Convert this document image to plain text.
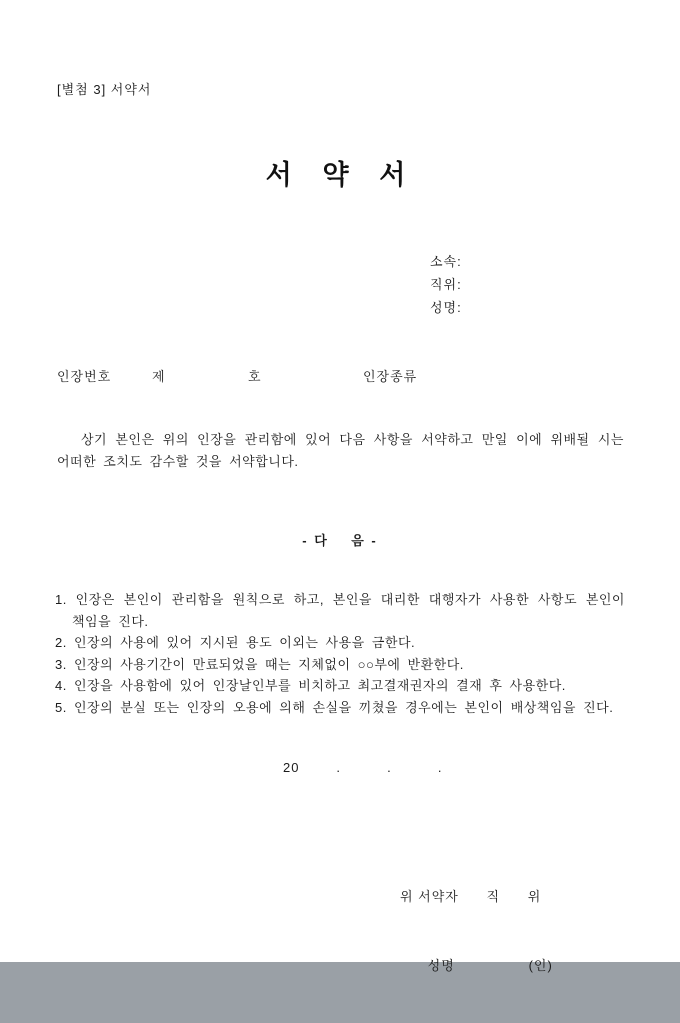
[별첨 3] 서약서
서 약 서
소속:
직위:
성명:
인장번호	제	호	인장종류
상기 본인은 위의 인장을 관리함에 있어 다음 사항을 서약하고 만일 이에 위배될 시는 어떠한 조치도 감수할 것을 서약합니다.
- 다    음 -
1. 인장은 본인이 관리함을 원칙으로 하고, 본인을 대리한 대행자가 사용한 사항도 본인이 책임을 진다.
2. 인장의 사용에 있어 지시된 용도 이외는 사용을 금한다.
3. 인장의 사용기간이 만료되었을 때는 지체없이 ○○부에 반환한다.
4. 인장을 사용함에 있어 인장날인부를 비치하고 최고결재권자의 결재 후 사용한다.
5. 인장의 분실 또는 인장의 오용에 의해 손실을 끼쳤을 경우에는 본인이 배상책임을 진다.
20        .          .          .

위 서약자      직      위

성명                (인)
